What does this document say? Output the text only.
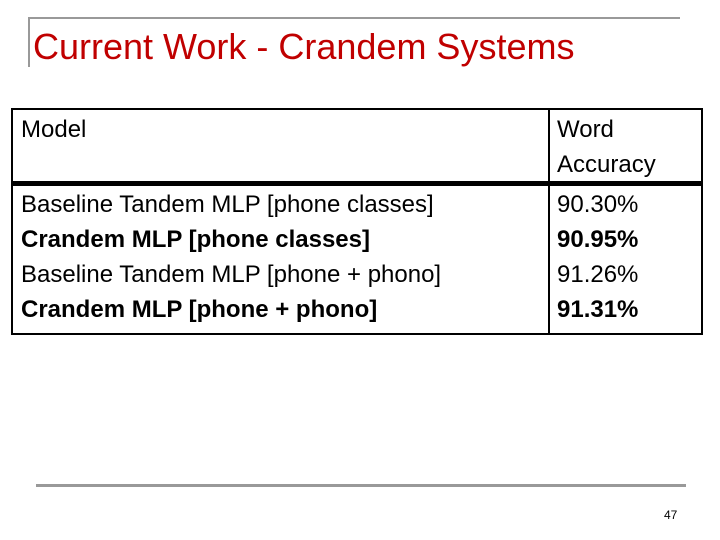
Current Work - Crandem Systems
Model	Word
Accuracy
Baseline Tandem MLP [phone classes]	90.30%
Crandem MLP [phone classes]	90.95%
Baseline Tandem MLP [phone + phono]	91.26%
Crandem MLP [phone + phono]	91.31%
47
